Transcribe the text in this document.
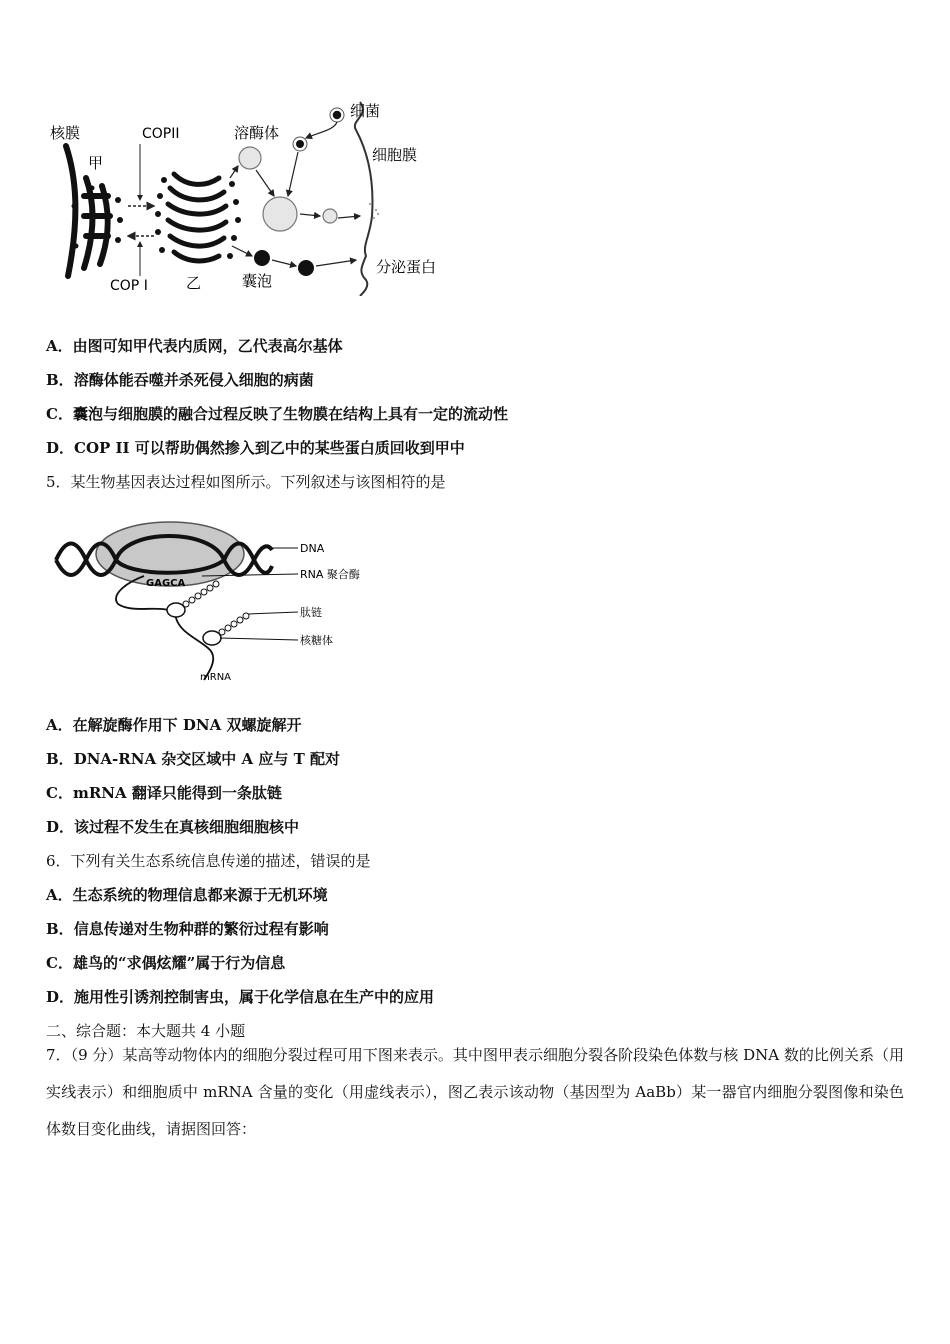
核膜
甲
COPII
COP I	乙
溶酶体
细菌
细胞膜
囊泡
分泌蛋白
A．由图可知甲代表内质网，乙代表高尔基体
B．溶酶体能吞噬并杀死侵入细胞的病菌
C．囊泡与细胞膜的融合过程反映了生物膜在结构上具有一定的流动性
D．COP II 可以帮助偶然掺入到乙中的某些蛋白质回收到甲中
5．某生物基因表达过程如图所示。下列叙述与该图相符的是
GAGCA
DNA
RNA 聚合酶
肽链
核糖体
mRNA
A．在解旋酶作用下 DNA 双螺旋解开
B．DNA-RNA 杂交区域中 A 应与 T 配对
C．mRNA 翻译只能得到一条肽链
D．该过程不发生在真核细胞细胞核中
6．下列有关生态系统信息传递的描述，错误的是
A．生态系统的物理信息都来源于无机环境
B．信息传递对生物种群的繁衍过程有影响
C．雄鸟的“求偶炫耀”属于行为信息
D．施用性引诱剂控制害虫，属于化学信息在生产中的应用
二、综合题：本大题共 4 小题
7．（9 分）某高等动物体内的细胞分裂过程可用下图来表示。其中图甲表示细胞分裂各阶段染色体数与核 DNA 数的比例关系（用实线表示）和细胞质中 mRNA 含量的变化（用虚线表示），图乙表示该动物（基因型为 AaBb）某一器官内细胞分裂图像和染色体数目变化曲线，请据图回答：
